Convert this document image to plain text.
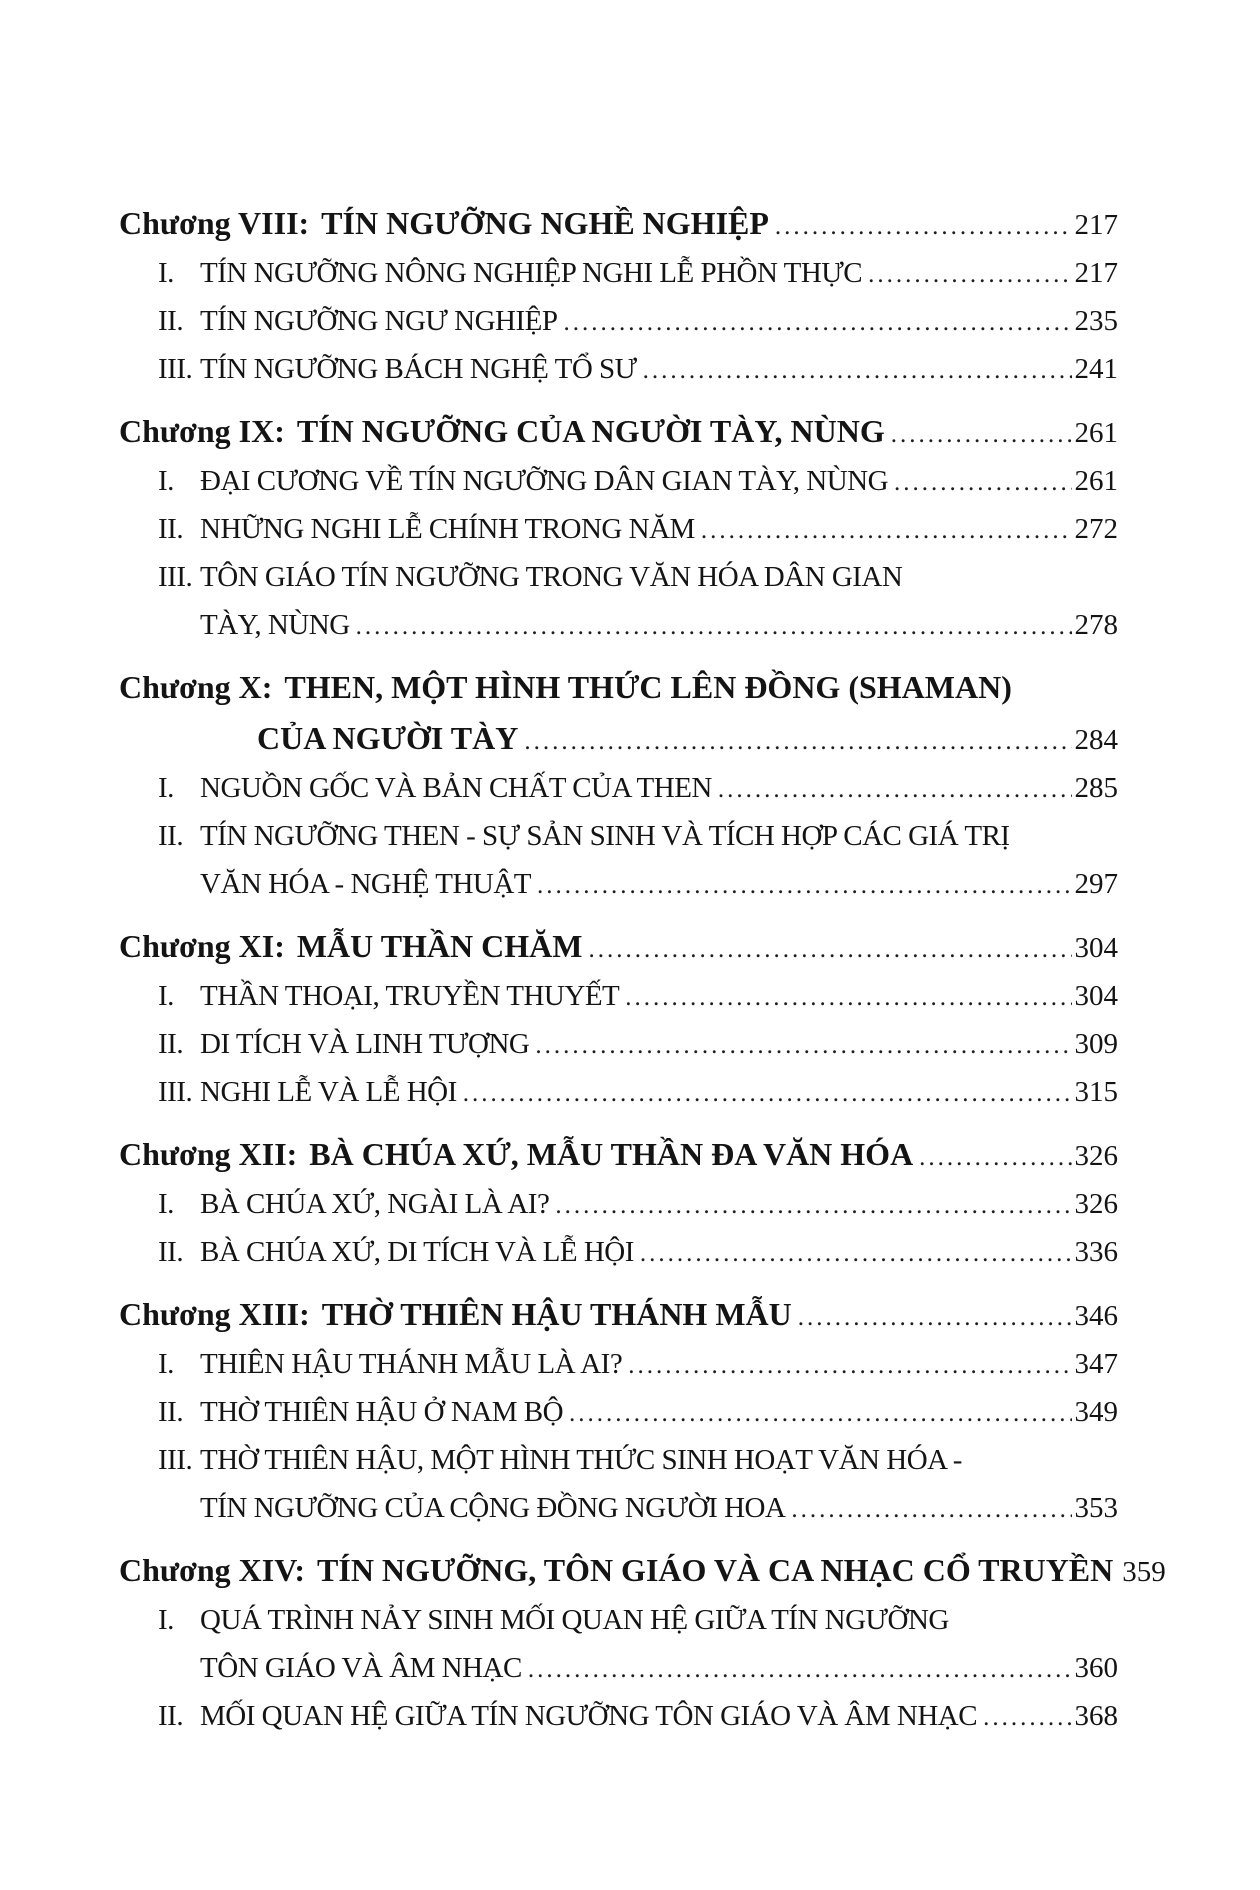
Chương VIII: TÍN NGƯỠNG NGHỀ NGHIỆP .....	217
I. TÍN NGƯỠNG NÔNG NGHIỆP NGHI LỄ PHỒN THỰC .....	217
II. TÍN NGƯỠNG NGƯ NGHIỆP .....	235
III. TÍN NGƯỠNG BÁCH NGHỆ TỔ SƯ .....	241
Chương IX: TÍN NGƯỠNG CỦA NGƯỜI TÀY, NÙNG .....	261
I. ĐẠI CƯƠNG VỀ TÍN NGƯỠNG DÂN GIAN TÀY, NÙNG .....	261
II. NHỮNG NGHI LỄ CHÍNH TRONG NĂM .....	272
III. TÔN GIÁO TÍN NGƯỠNG TRONG VĂN HÓA DÂN GIAN
TÀY, NÙNG .....	278
Chương X: THEN, MỘT HÌNH THỨC LÊN ĐỒNG (SHAMAN)
CỦA NGƯỜI TÀY .....	284
I. NGUỒN GỐC VÀ BẢN CHẤT CỦA THEN .....	285
II. TÍN NGƯỠNG THEN - SỰ SẢN SINH VÀ TÍCH HỢP CÁC GIÁ TRỊ
VĂN HÓA - NGHỆ THUẬT .....	297
Chương XI: MẪU THẦN CHĂM .....	304
I. THẦN THOẠI, TRUYỀN THUYẾT .....	304
II. DI TÍCH VÀ LINH TƯỢNG .....	309
III. NGHI LỄ VÀ LỄ HỘI .....	315
Chương XII: BÀ CHÚA XỨ, MẪU THẦN ĐA VĂN HÓA .....	326
I. BÀ CHÚA XỨ, NGÀI LÀ AI? .....	326
II. BÀ CHÚA XỨ, DI TÍCH VÀ LỄ HỘI .....	336
Chương XIII: THỜ THIÊN HẬU THÁNH MẪU .....	346
I. THIÊN HẬU THÁNH MẪU LÀ AI? .....	347
II. THỜ THIÊN HẬU Ở NAM BỘ .....	349
III. THỜ THIÊN HẬU, MỘT HÌNH THỨC SINH HOẠT VĂN HÓA -
TÍN NGƯỠNG CỦA CỘNG ĐỒNG NGƯỜI HOA .....	353
Chương XIV: TÍN NGƯỠNG, TÔN GIÁO VÀ CA NHẠC CỔ TRUYỀN 359
I. QUÁ TRÌNH NẢY SINH MỐI QUAN HỆ GIỮA TÍN NGƯỠNG
TÔN GIÁO VÀ ÂM NHẠC .....	360
II. MỐI QUAN HỆ GIỮA TÍN NGƯỠNG TÔN GIÁO VÀ ÂM NHẠC .....	368
